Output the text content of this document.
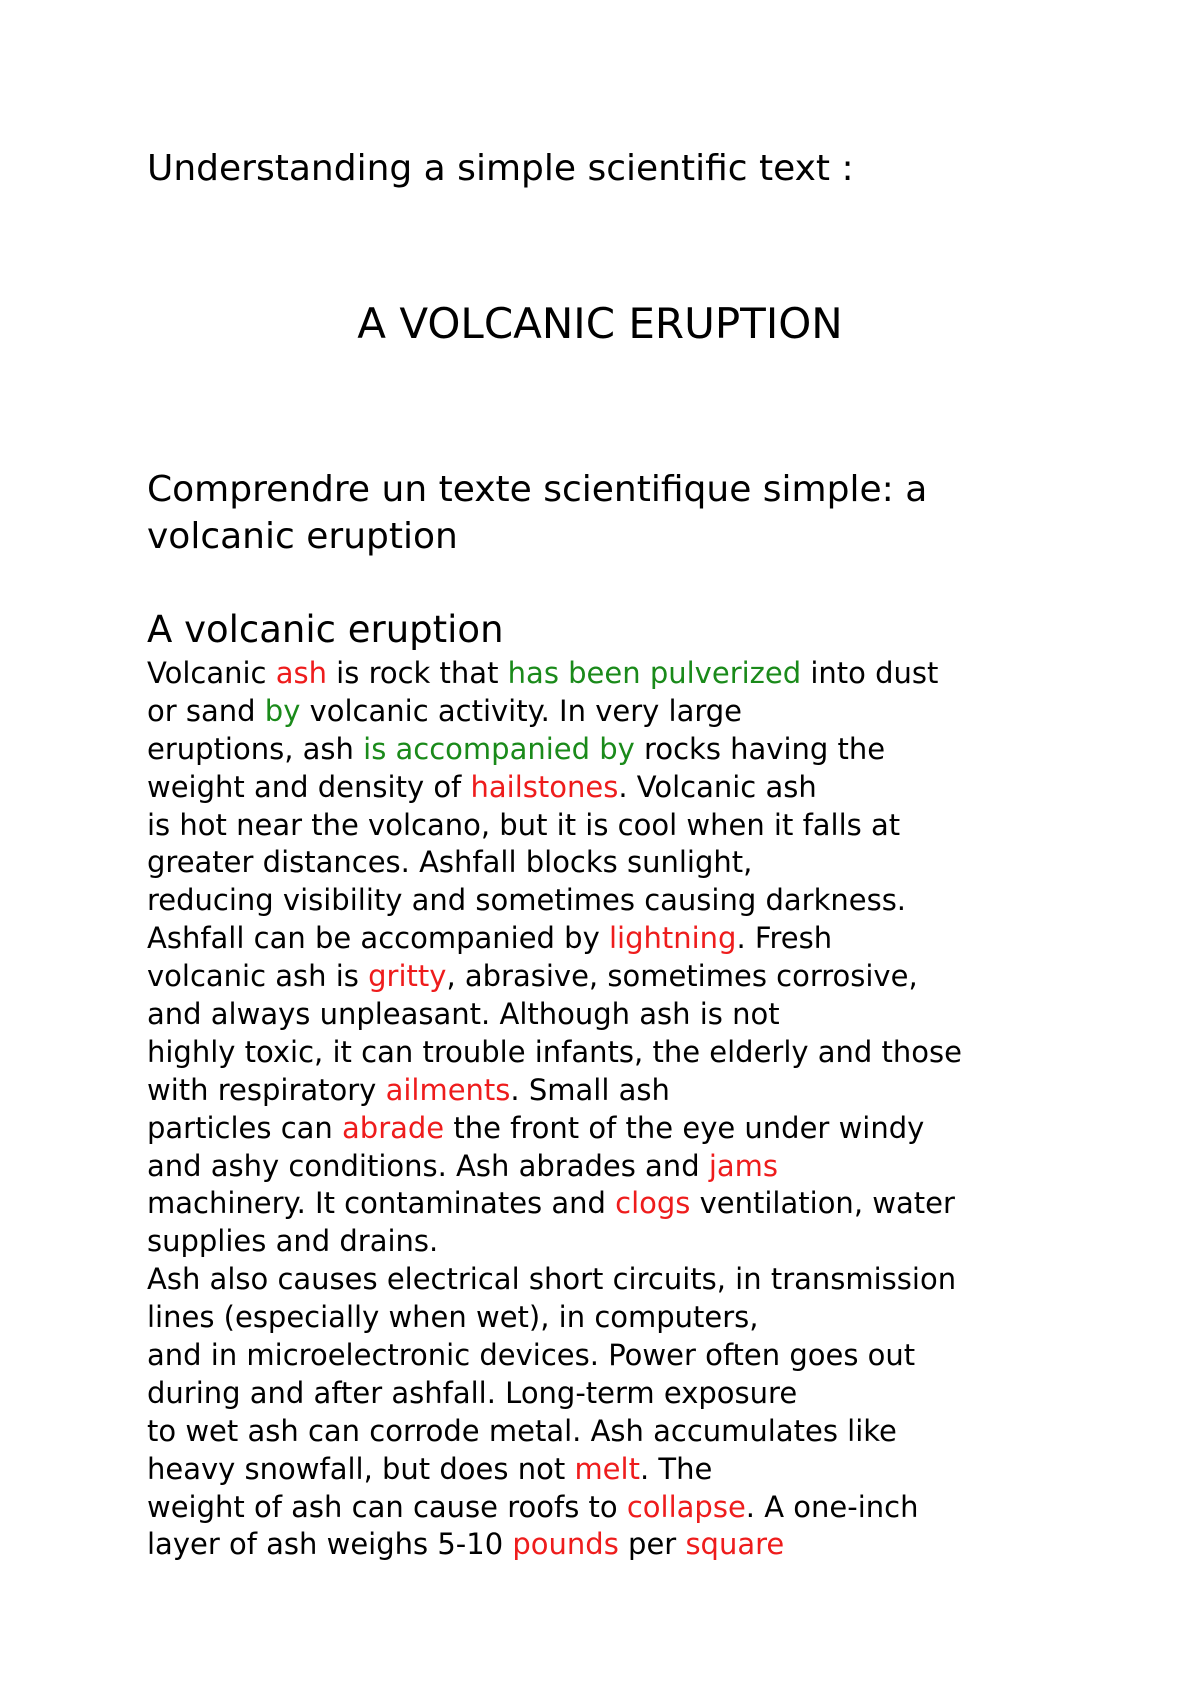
Understanding a simple scientific text :
A VOLCANIC ERUPTION
Comprendre un texte scientifique simple: a
volcanic eruption
A volcanic eruption
Volcanic ash is rock that has been pulverized into dust
or sand by volcanic activity. In very large
eruptions, ash is accompanied by rocks having the
weight and density of hailstones. Volcanic ash
is hot near the volcano, but it is cool when it falls at
greater distances. Ashfall blocks sunlight,
reducing visibility and sometimes causing darkness.
Ashfall can be accompanied by lightning. Fresh
volcanic ash is gritty, abrasive, sometimes corrosive,
and always unpleasant. Although ash is not
highly toxic, it can trouble infants, the elderly and those
with respiratory ailments. Small ash
particles can abrade the front of the eye under windy
and ashy conditions. Ash abrades and jams
machinery. It contaminates and clogs ventilation, water
supplies and drains.
Ash also causes electrical short circuits, in transmission
lines (especially when wet), in computers,
and in microelectronic devices. Power often goes out
during and after ashfall. Long-term exposure
to wet ash can corrode metal. Ash accumulates like
heavy snowfall, but does not melt. The
weight of ash can cause roofs to collapse. A one-inch
layer of ash weighs 5-10 pounds per square
